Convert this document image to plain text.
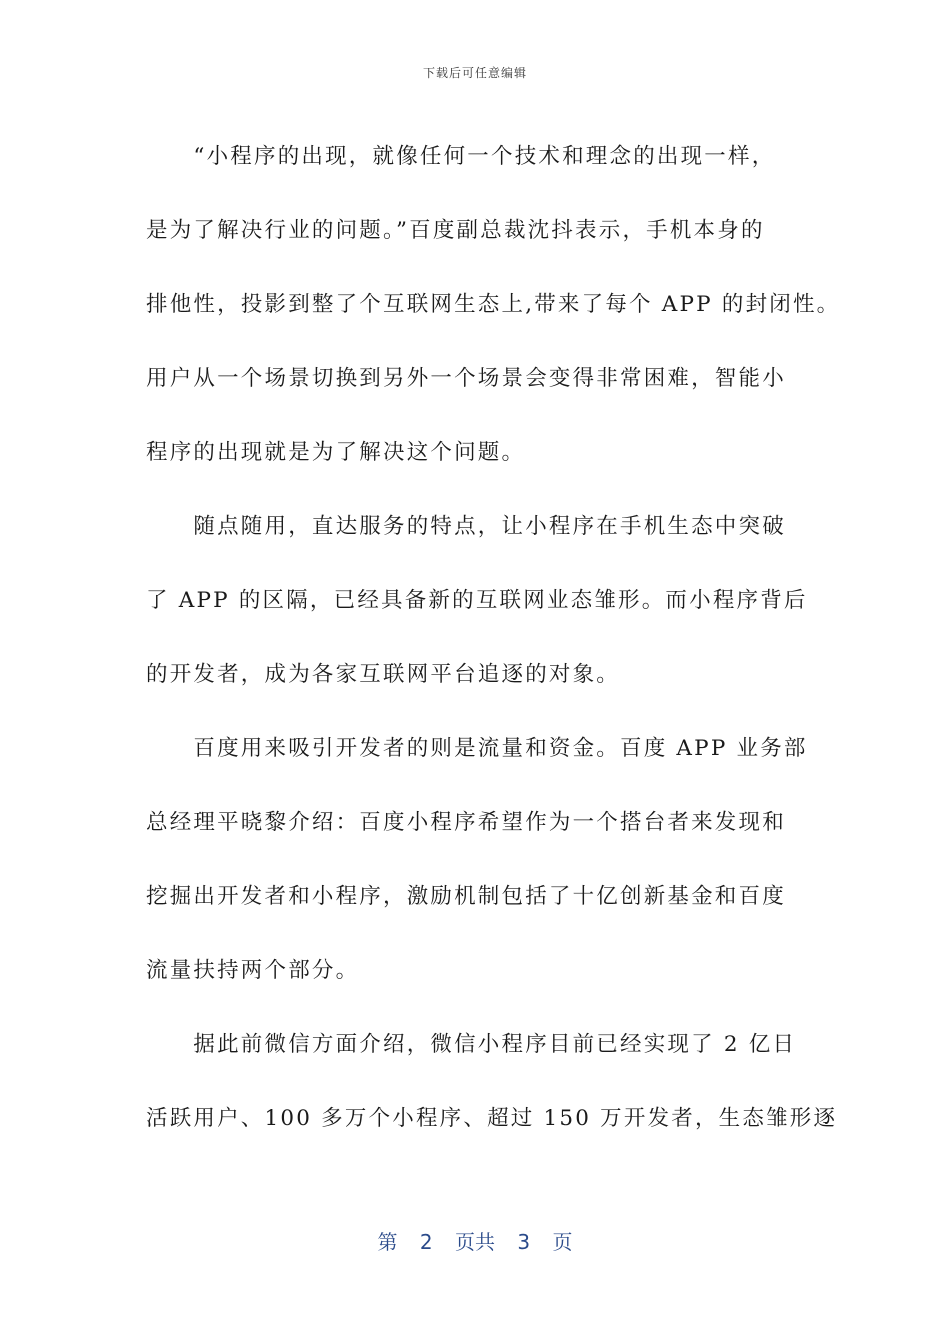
下载后可任意编辑

　　“小程序的出现，就像任何一个技术和理念的出现一样，
是为了解决行业的问题。”百度副总裁沈抖表示，手机本身的
排他性，投影到整了个互联网生态上,带来了每个 APP 的封闭性。
用户从一个场景切换到另外一个场景会变得非常困难，智能小
程序的出现就是为了解决这个问题。

　　随点随用，直达服务的特点，让小程序在手机生态中突破
了 APP 的区隔，已经具备新的互联网业态雏形。而小程序背后
的开发者，成为各家互联网平台追逐的对象。

　　百度用来吸引开发者的则是流量和资金。百度 APP 业务部
总经理平晓黎介绍：百度小程序希望作为一个搭台者来发现和
挖掘出开发者和小程序，激励机制包括了十亿创新基金和百度
流量扶持两个部分。

　　据此前微信方面介绍，微信小程序目前已经实现了 2 亿日
活跃用户、100 多万个小程序、超过 150 万开发者，生态雏形逐

第 2 页共 3 页
